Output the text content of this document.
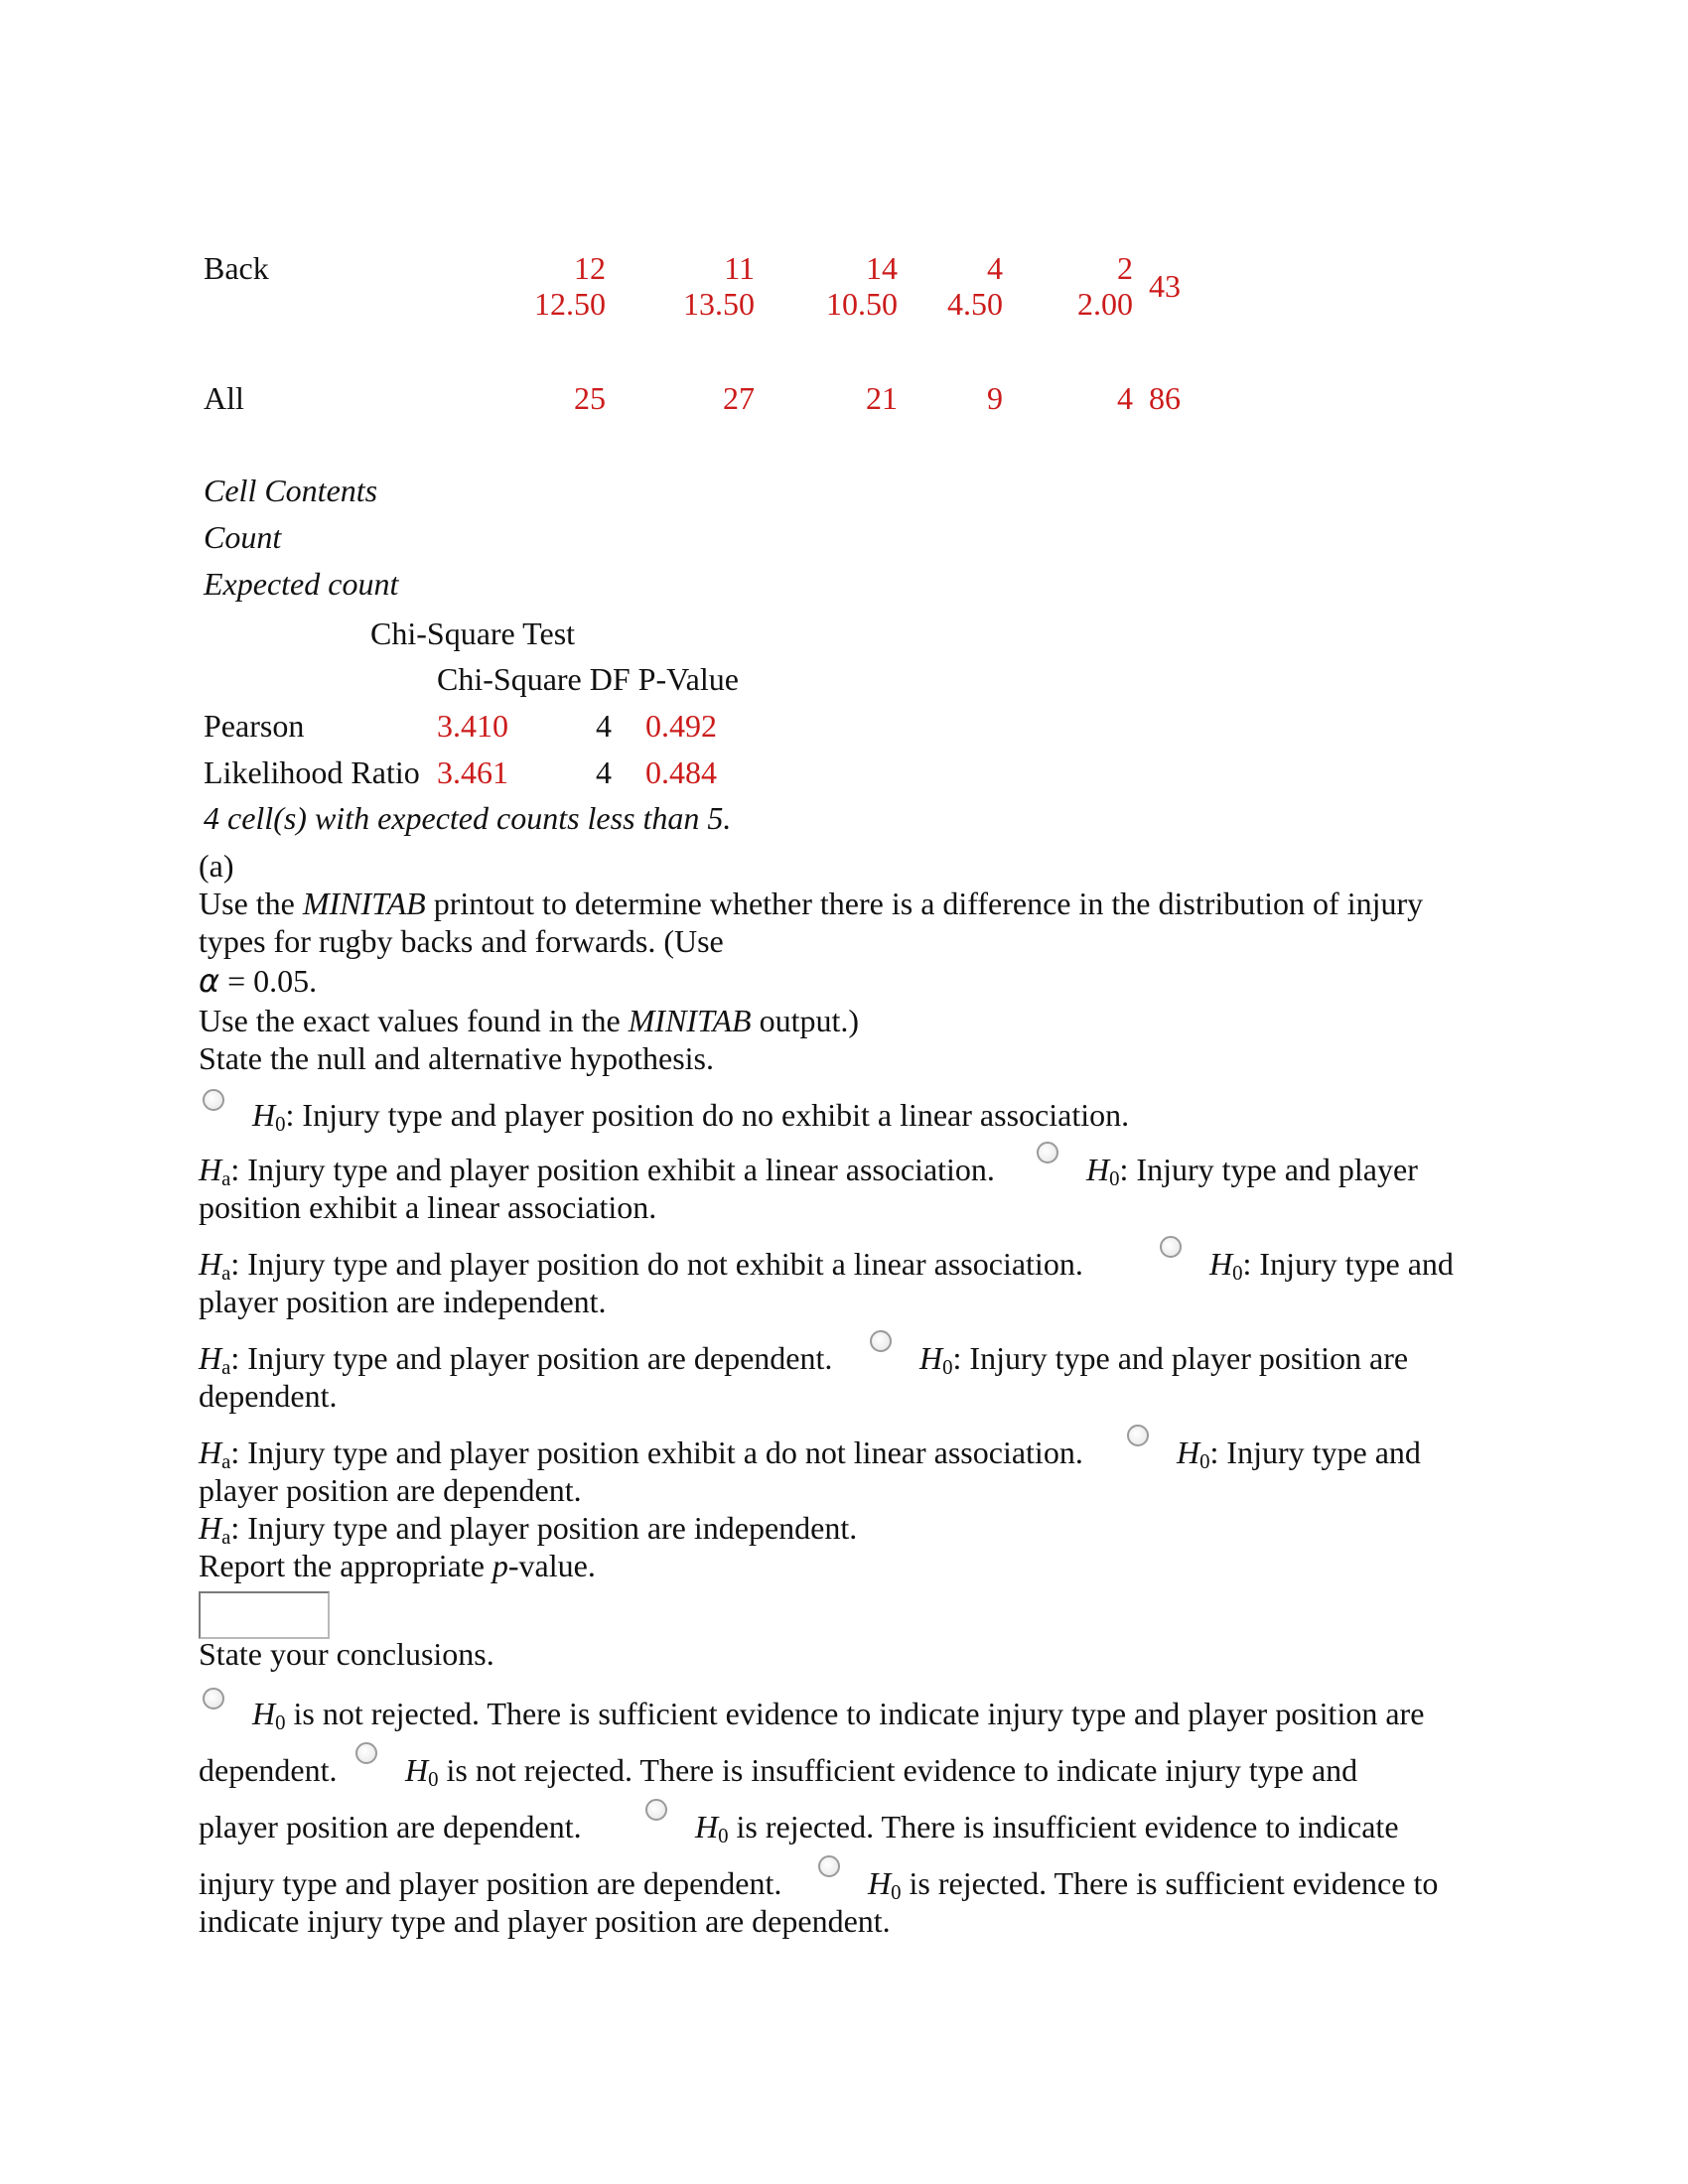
Back	12	11	14	4	2
12.50	13.50	10.50	4.50	2.00 43
All	25	27	21	9	4 86
Cell Contents
Count
Expected count
Chi-Square Test
Chi-Square DF P-Value
Pearson	3.410	4 0.492
Likelihood Ratio 3.461	4 0.484
4 cell(s) with expected counts less than 5.
(a)
Use the MINITAB printout to determine whether there is a difference in the distribution of injury
types for rugby backs and forwards. (Use
α = 0.05.
Use the exact values found in the MINITAB output.)
State the null and alternative hypothesis.
$H_0$: Injury type and player position do no exhibit a linear association.
$H_a$: Injury type and player position exhibit a linear association.	$H_0$: Injury type and player
position exhibit a linear association.
$H_a$: Injury type and player position do not exhibit a linear association.	$H_0$: Injury type and
player position are independent.
$H_a$: Injury type and player position are dependent.	$H_0$: Injury type and player position are
dependent.
$H_a$: Injury type and player position exhibit a do not linear association.	$H_0$: Injury type and
player position are dependent.
$H_a$: Injury type and player position are independent.
Report the appropriate p-value.
State your conclusions.
$H_0$ is not rejected. There is sufficient evidence to indicate injury type and player position are
dependent. $H_0$ is not rejected. There is insufficient evidence to indicate injury type and
player position are dependent.	$H_0$ is rejected. There is insufficient evidence to indicate
injury type and player position are dependent.	$H_0$ is rejected. There is sufficient evidence to
indicate injury type and player position are dependent.
